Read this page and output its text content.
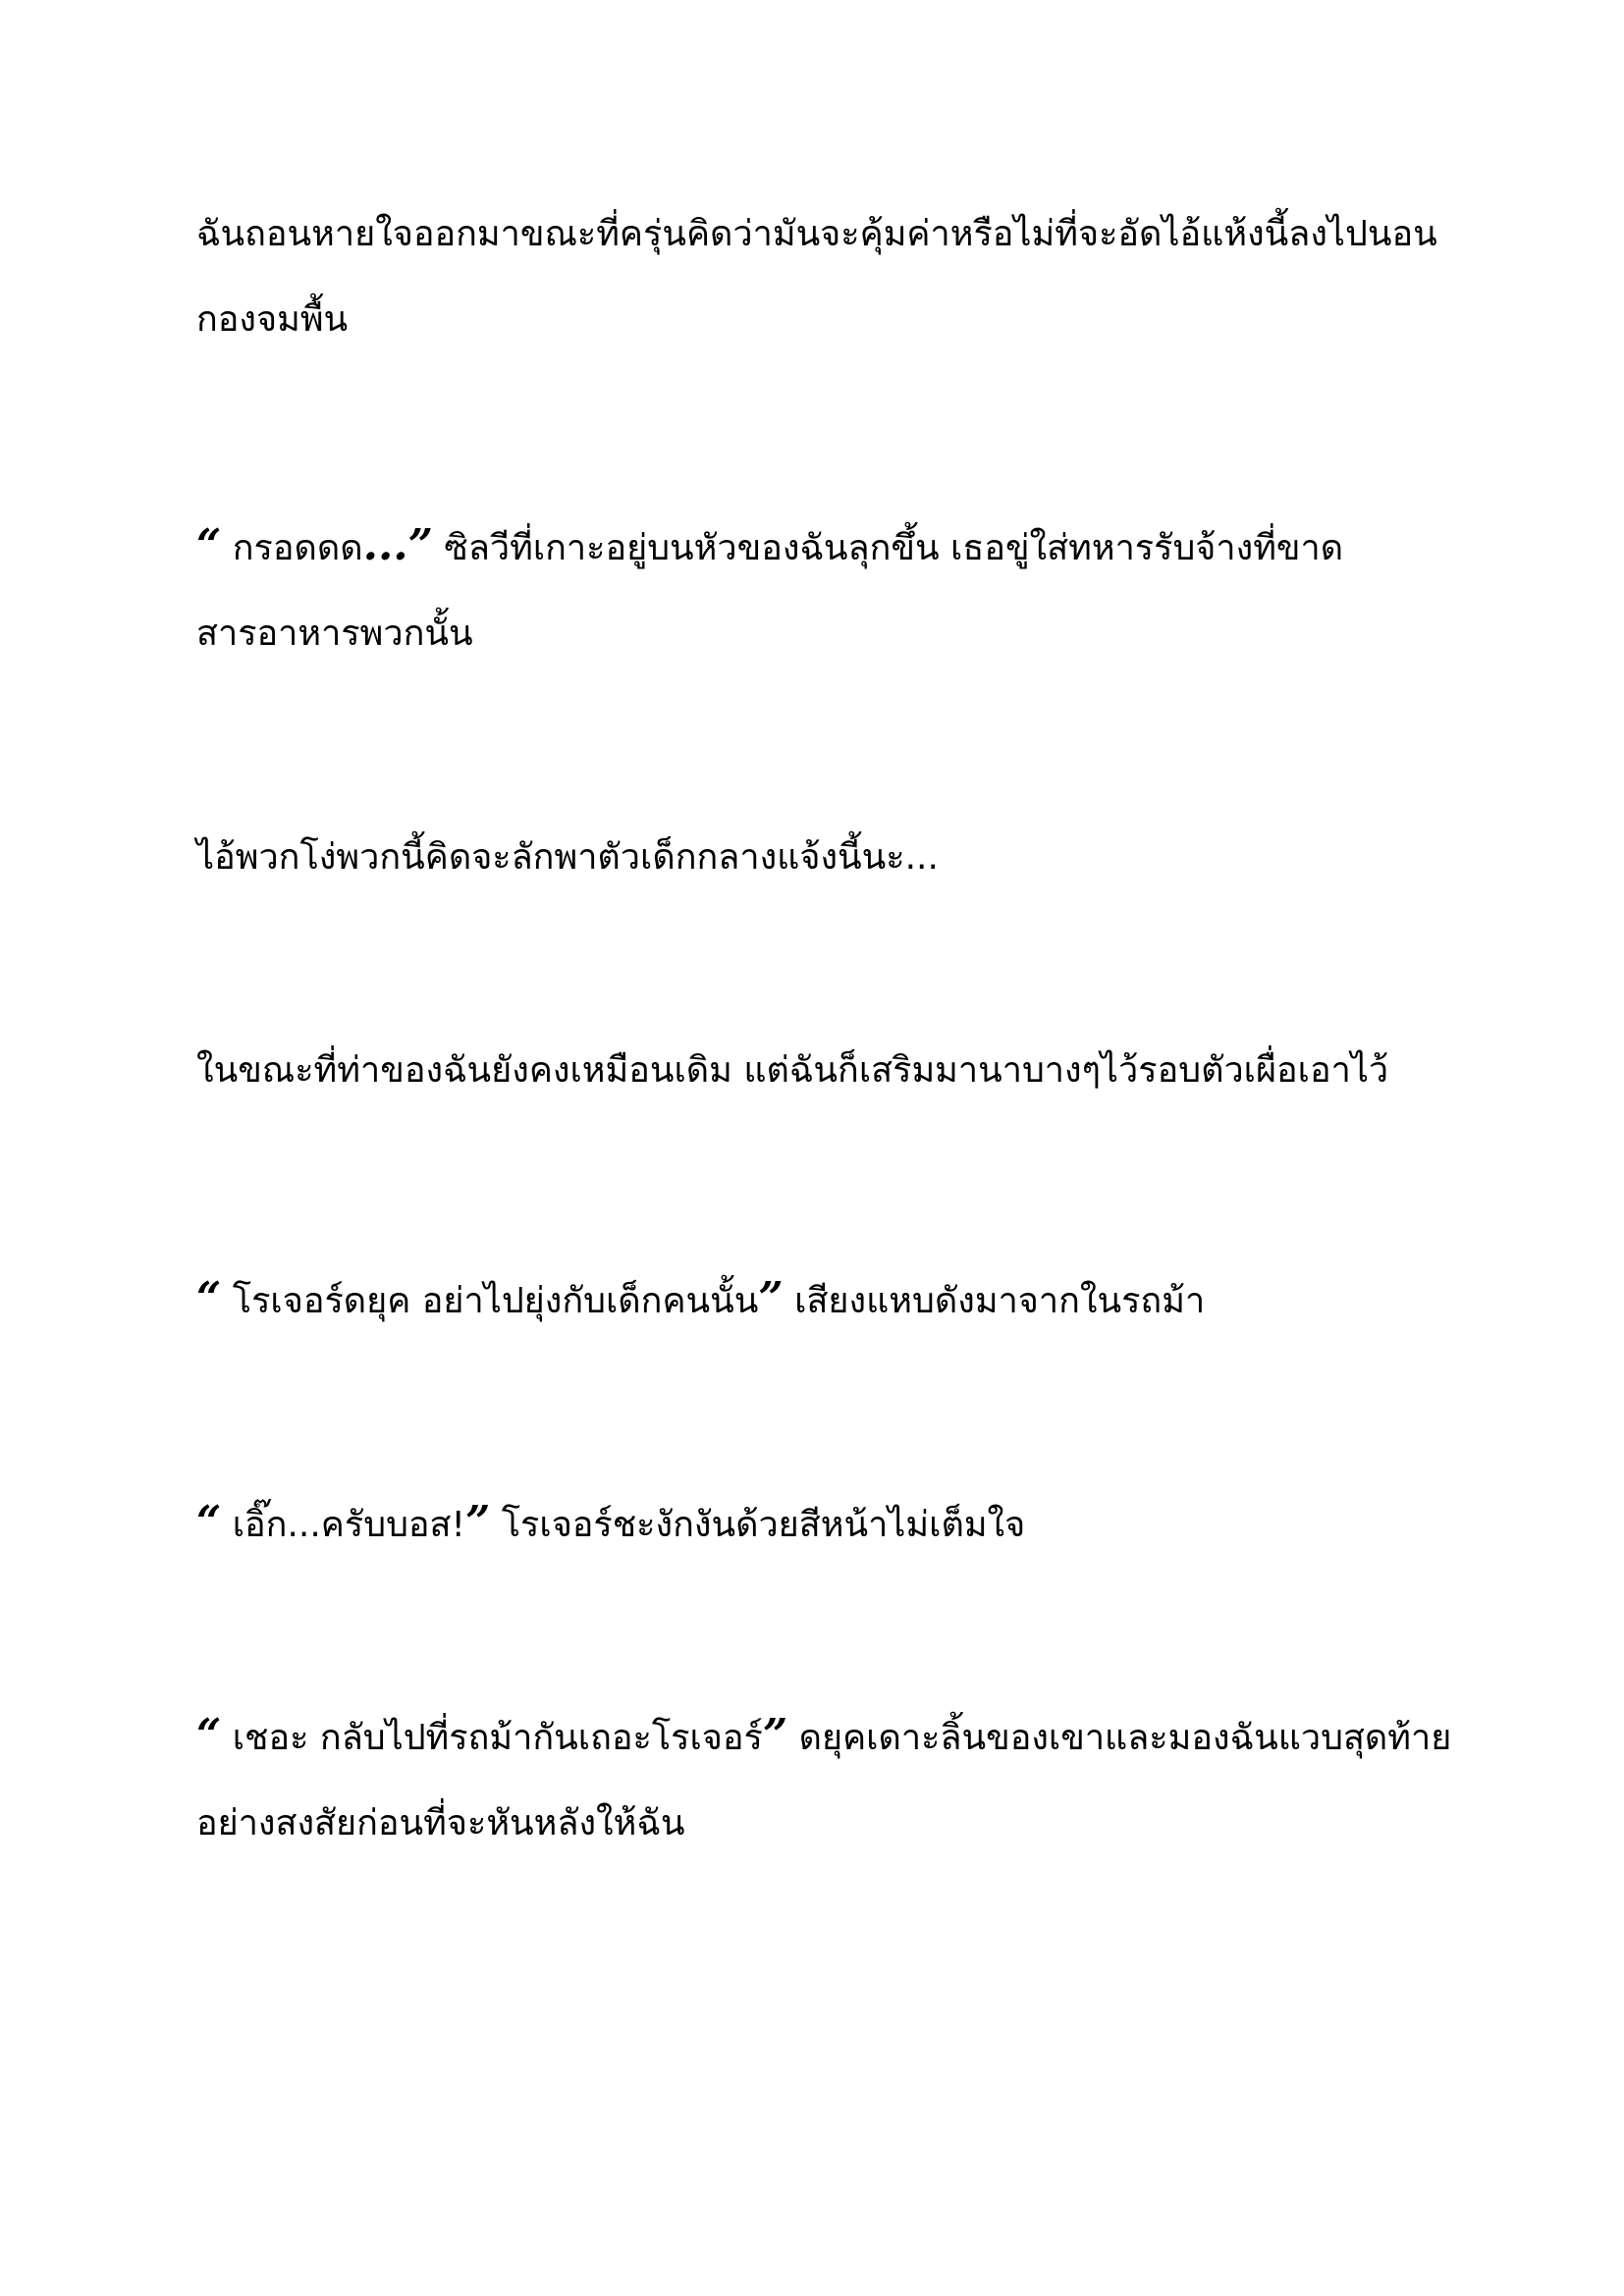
ฉันถอนหายใจออกมาขณะที่ครุ่นคิดว่ามันจะคุ้มค่าหรือไม่ที่จะอัดไอ้แห้งนี้ลงไปนอน
กองจมพื้น

“ กรอดดด...” ซิลวีที่เกาะอยู่บนหัวของฉันลุกขึ้น เธอขู่ใส่ทหารรับจ้างที่ขาด
สารอาหารพวกนั้น

ไอ้พวกโง่พวกนี้คิดจะลักพาตัวเด็กกลางแจ้งนี้นะ...

ในขณะที่ท่าของฉันยังคงเหมือนเดิม แต่ฉันก็เสริมมานาบางๆไว้รอบตัวเผื่อเอาไว้

“ โรเจอร์ดยุค อย่าไปยุ่งกับเด็กคนนั้น” เสียงแหบดังมาจากในรถม้า

“ เอิ๊ก...ครับบอส!” โรเจอร์ชะงักงันด้วยสีหน้าไม่เต็มใจ

“ เชอะ กลับไปที่รถม้ากันเถอะโรเจอร์” ดยุคเดาะลิ้นของเขาและมองฉันแวบสุดท้าย
อย่างสงสัยก่อนที่จะหันหลังให้ฉัน
